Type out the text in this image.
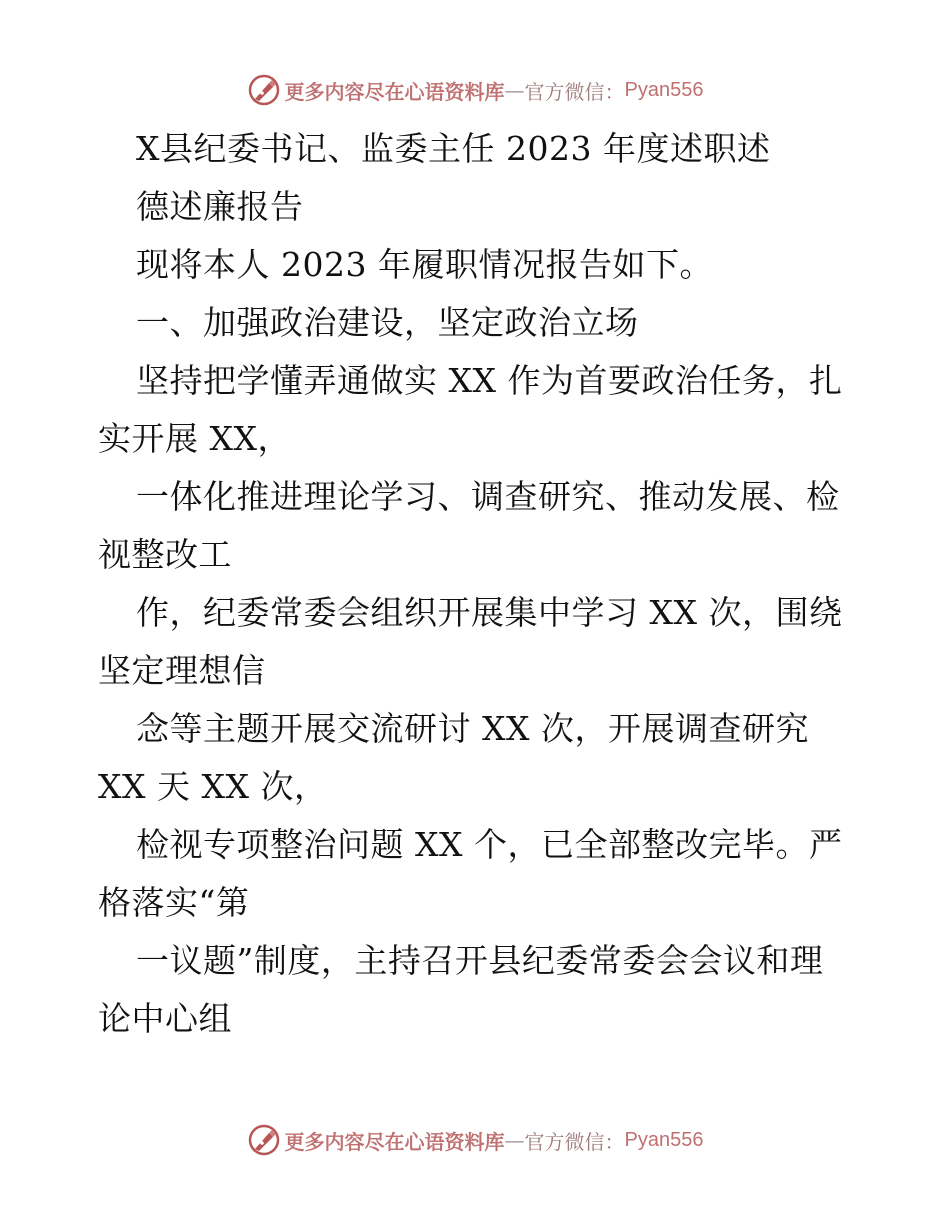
更多内容尽在心语资料库 — 官方微信： Pyan556
X县纪委书记、监委主任 2023 年度述职述
德述廉报告
现将本人 2023 年履职情况报告如下。
一、加强政治建设，坚定政治立场
坚持把学懂弄通做实 XX 作为首要政治任务，扎
实开展 XX，
一体化推进理论学习、调查研究、推动发展、检
视整改工
作，纪委常委会组织开展集中学习 XX 次，围绕
坚定理想信
念等主题开展交流研讨 XX 次，开展调查研究
XX 天 XX 次，
检视专项整治问题 XX 个，已全部整改完毕。严
格落实“第
一议题”制度，主持召开县纪委常委会会议和理
论中心组
更多内容尽在心语资料库 — 官方微信： Pyan556
